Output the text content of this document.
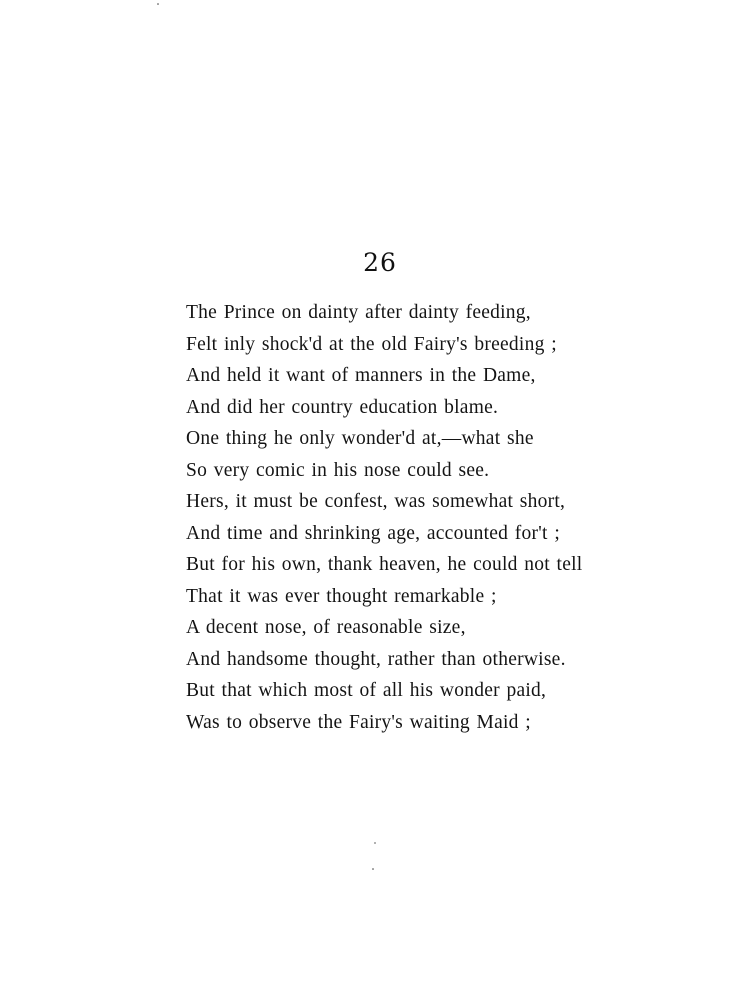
26
The Prince on dainty after dainty feeding,
Felt inly shock'd at the old Fairy's breeding ;
And held it want of manners in the Dame,
And did her country education blame.
One thing he only wonder'd at,—what she
So very comic in his nose could see.
Hers, it must be confest, was somewhat short,
And time and shrinking age, accounted for't ;
But for his own, thank heaven, he could not tell
That it was ever thought remarkable ;
A decent nose, of reasonable size,
And handsome thought, rather than otherwise.
But that which most of all his wonder paid,
Was to observe the Fairy's waiting Maid ;
